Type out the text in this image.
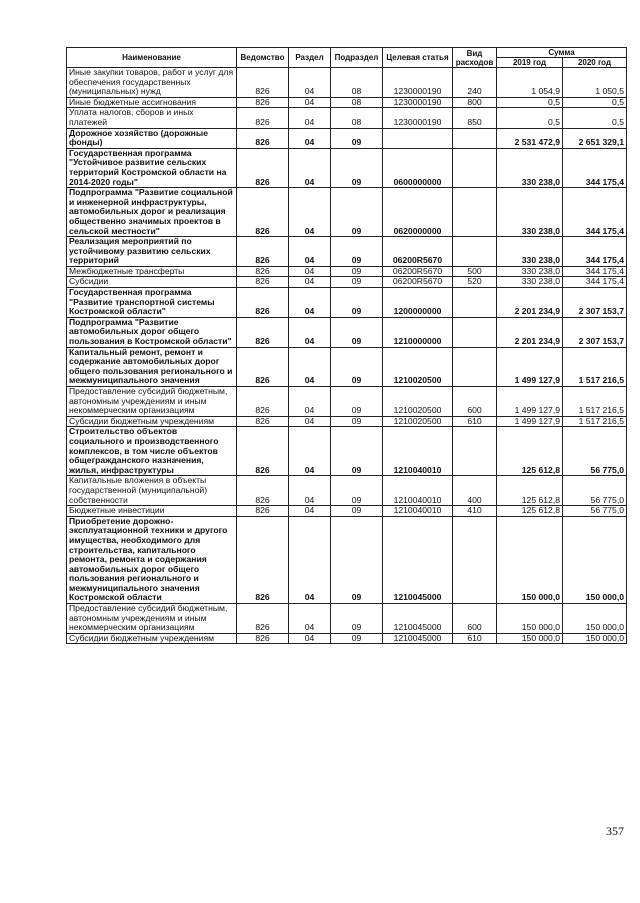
Наименование	Ведомство	Раздел	Подраздел	Целевая статья	Вид расходов	Сумма	
						2019 год	2020 год
Иные закупки товаров, работ и услуг для обеспечения государственных (муниципальных) нужд	826	04	08	1230000190	240	1 054,9	1 050,5
Иные бюджетные ассигнования	826	04	08	1230000190	800	0,5	0,5
Уплата налогов, сборов и иных платежей	826	04	08	1230000190	850	0,5	0,5
Дорожное хозяйство (дорожные фонды)	826	04	09			2 531 472,9	2 651 329,1
Государственная программа "Устойчивое развитие сельских территорий Костромской области на 2014-2020 годы"	826	04	09	0600000000		330 238,0	344 175,4
Подпрограмма "Развитие социальной и инженерной инфраструктуры, автомобильных дорог и реализация общественно значимых проектов в сельской местности"	826	04	09	0620000000		330 238,0	344 175,4
Реализация мероприятий по устойчивому развитию сельских территорий	826	04	09	06200R5670		330 238,0	344 175,4
Межбюджетные трансферты	826	04	09	06200R5670	500	330 238,0	344 175,4
Субсидии	826	04	09	06200R5670	520	330 238,0	344 175,4
Государственная программа "Развитие транспортной системы Костромской области"	826	04	09	1200000000		2 201 234,9	2 307 153,7
Подпрограмма "Развитие автомобильных дорог общего пользования в Костромской области"	826	04	09	1210000000		2 201 234,9	2 307 153,7
Капитальный ремонт, ремонт и содержание автомобильных дорог общего пользования регионального и межмуниципального значения	826	04	09	1210020500		1 499 127,9	1 517 216,5
Предоставление субсидий бюджетным, автономным учреждениям и иным некоммерческим организациям	826	04	09	1210020500	600	1 499 127,9	1 517 216,5
Субсидии бюджетным учреждениям	826	04	09	1210020500	610	1 499 127,9	1 517 216,5
Строительство объектов социального и производственного комплексов, в том числе объектов общегражданского назначения, жилья, инфраструктуры	826	04	09	1210040010		125 612,8	56 775,0
Капитальные вложения в объекты государственной (муниципальной) собственности	826	04	09	1210040010	400	125 612,8	56 775,0
Бюджетные инвестиции	826	04	09	1210040010	410	125 612,8	56 775,0
Приобретение дорожно-эксплуатационной техники и другого имущества, необходимого для строительства, капитального ремонта, ремонта и содержания автомобильных дорог общего пользования регионального и межмуниципального значения Костромской области	826	04	09	1210045000		150 000,0	150 000,0
Предоставление субсидий бюджетным, автономным учреждениям и иным некоммерческим организациям	826	04	09	1210045000	600	150 000,0	150 000,0
Субсидии бюджетным учреждениям	826	04	09	1210045000	610	150 000,0	150 000,0
357
